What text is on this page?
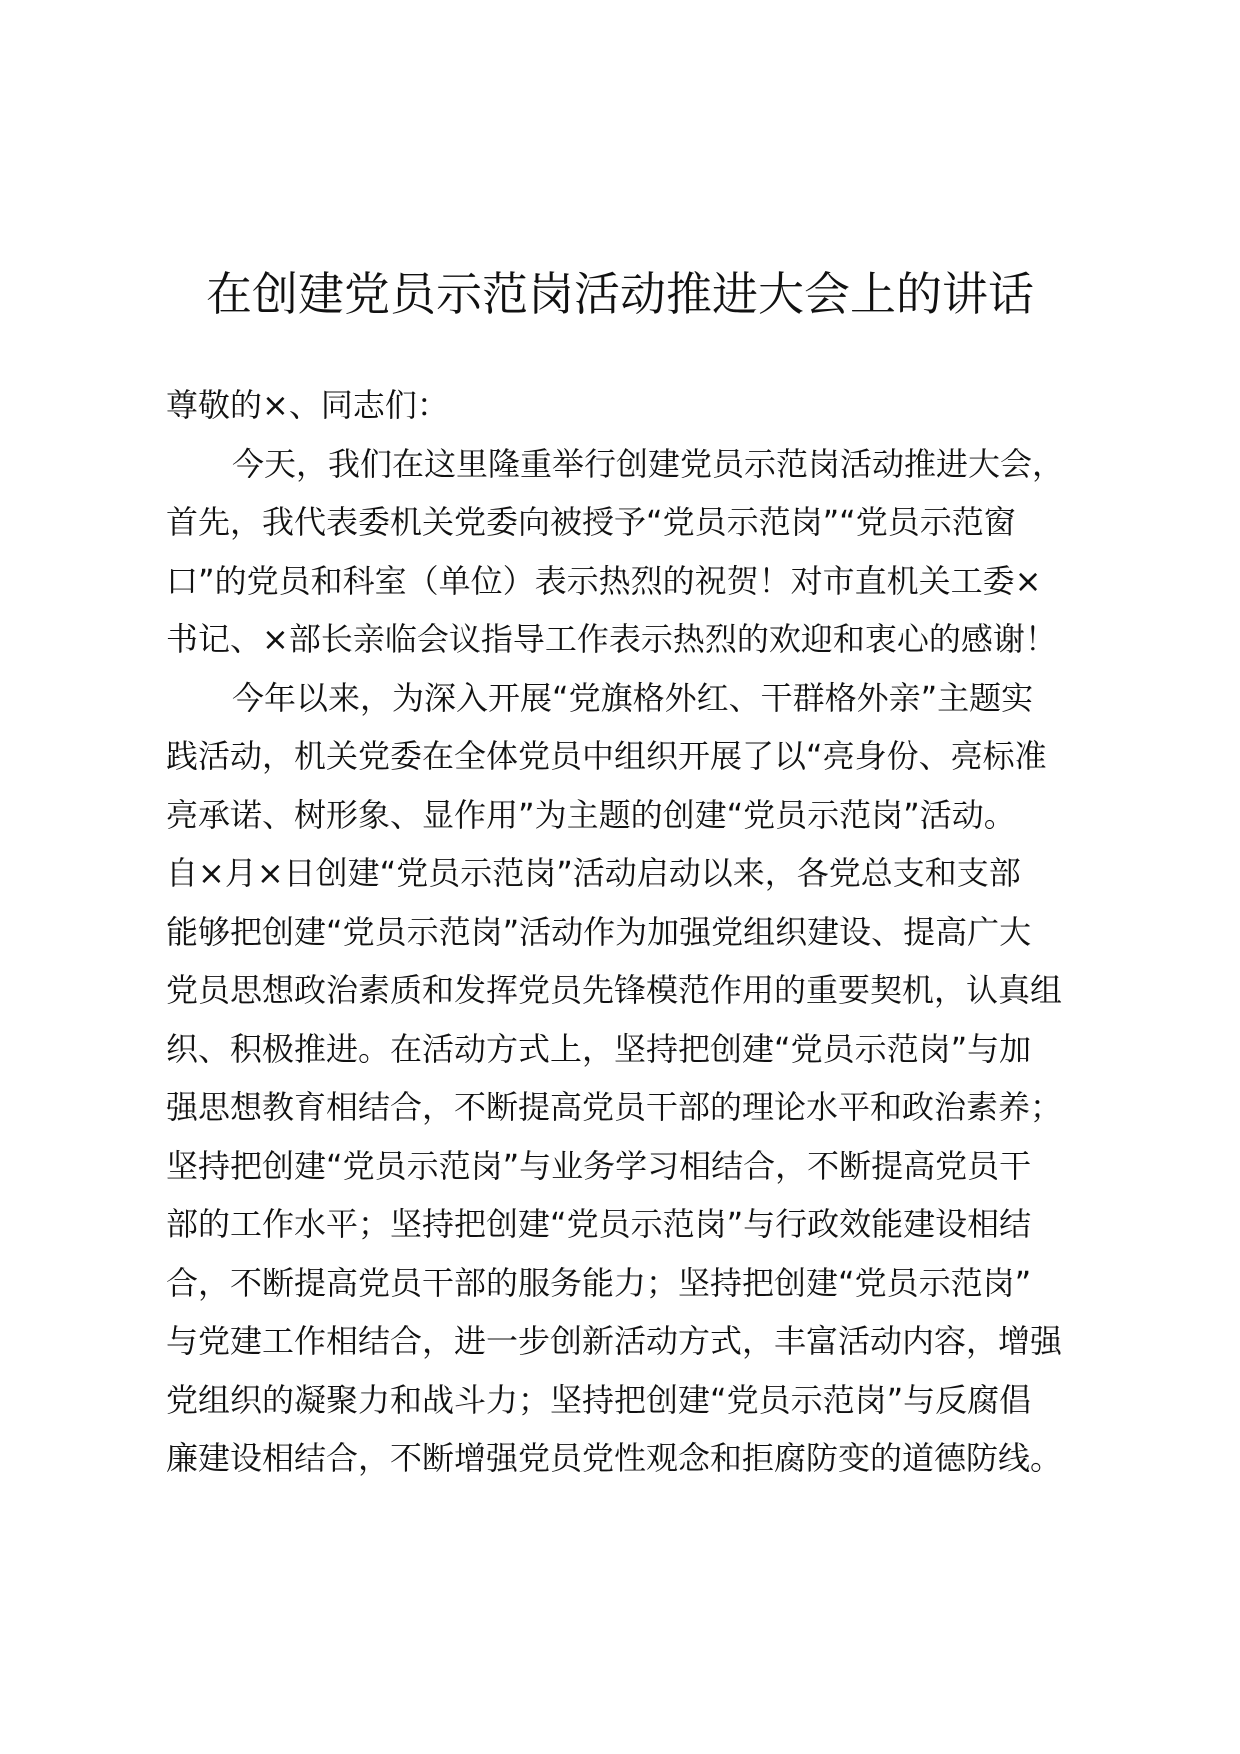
在创建党员示范岗活动推进大会上的讲话
尊敬的×、同志们：
今天，我们在这里隆重举行创建党员示范岗活动推进大会，
首先，我代表委机关党委向被授予“党员示范岗”“党员示范窗
口”的党员和科室（单位）表示热烈的祝贺！对市直机关工委×
书记、×部长亲临会议指导工作表示热烈的欢迎和衷心的感谢！
今年以来，为深入开展“党旗格外红、干群格外亲”主题实
践活动，机关党委在全体党员中组织开展了以“亮身份、亮标准
亮承诺、树形象、显作用”为主题的创建“党员示范岗”活动。
自×月×日创建“党员示范岗”活动启动以来，各党总支和支部
能够把创建“党员示范岗”活动作为加强党组织建设、提高广大
党员思想政治素质和发挥党员先锋模范作用的重要契机，认真组
织、积极推进。在活动方式上，坚持把创建“党员示范岗”与加
强思想教育相结合，不断提高党员干部的理论水平和政治素养；
坚持把创建“党员示范岗”与业务学习相结合，不断提高党员干
部的工作水平；坚持把创建“党员示范岗”与行政效能建设相结
合，不断提高党员干部的服务能力；坚持把创建“党员示范岗”
与党建工作相结合，进一步创新活动方式，丰富活动内容，增强
党组织的凝聚力和战斗力；坚持把创建“党员示范岗”与反腐倡
廉建设相结合，不断增强党员党性观念和拒腐防变的道德防线。
